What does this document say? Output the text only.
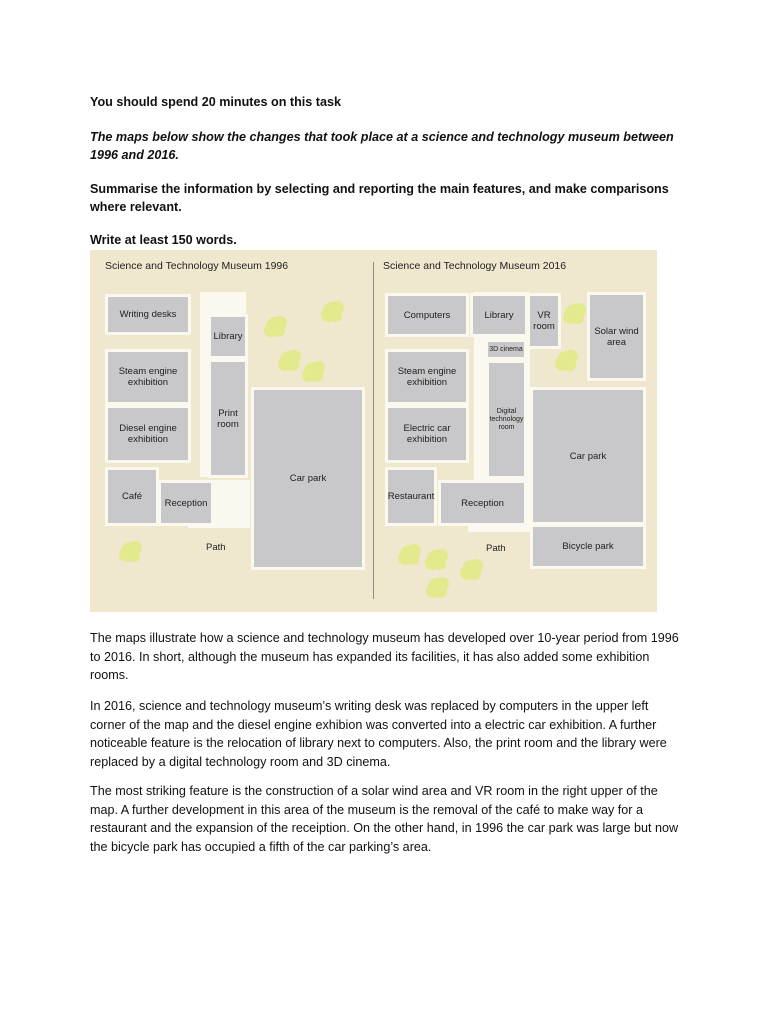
You should spend 20 minutes on this task

The maps below show the changes that took place at a science and technology museum between 1996 and 2016.

Summarise the information by selecting and reporting the main features, and make comparisons where relevant.

Write at least 150 words.

Science and Technology Museum 1996
Writing desks
Library
Steam engine exhibition
Print room
Diesel engine exhibition
Car park
Café
Reception
Path
Science and Technology Museum 2016
Computers	Library	VR room	Solar wind area
3D cinema
Steam engine exhibition
Digital technology room
Electric car exhibition
Car park
Restaurant
Reception
Bicycle park
Path

The maps illustrate how a science and technology museum has developed over 10-year period from 1996 to 2016. In short, although the museum has expanded its facilities, it has also added some exhibition rooms.

In 2016, science and technology museum’s writing desk was replaced by computers in the upper left corner of the map and the diesel engine exhibion was converted into a electric car exhibition. A further noticeable feature is the relocation of library next to computers. Also, the print room and the library were replaced by a digital technology room and 3D cinema.

The most striking feature is the construction of a solar wind area and VR room in the right upper of the map. A further development in this area of the museum is the removal of the café to make way for a restaurant and the expansion of the receiption. On the other hand, in 1996 the car park was large but now the bicycle park has occupied a fifth of the car parking’s area.
